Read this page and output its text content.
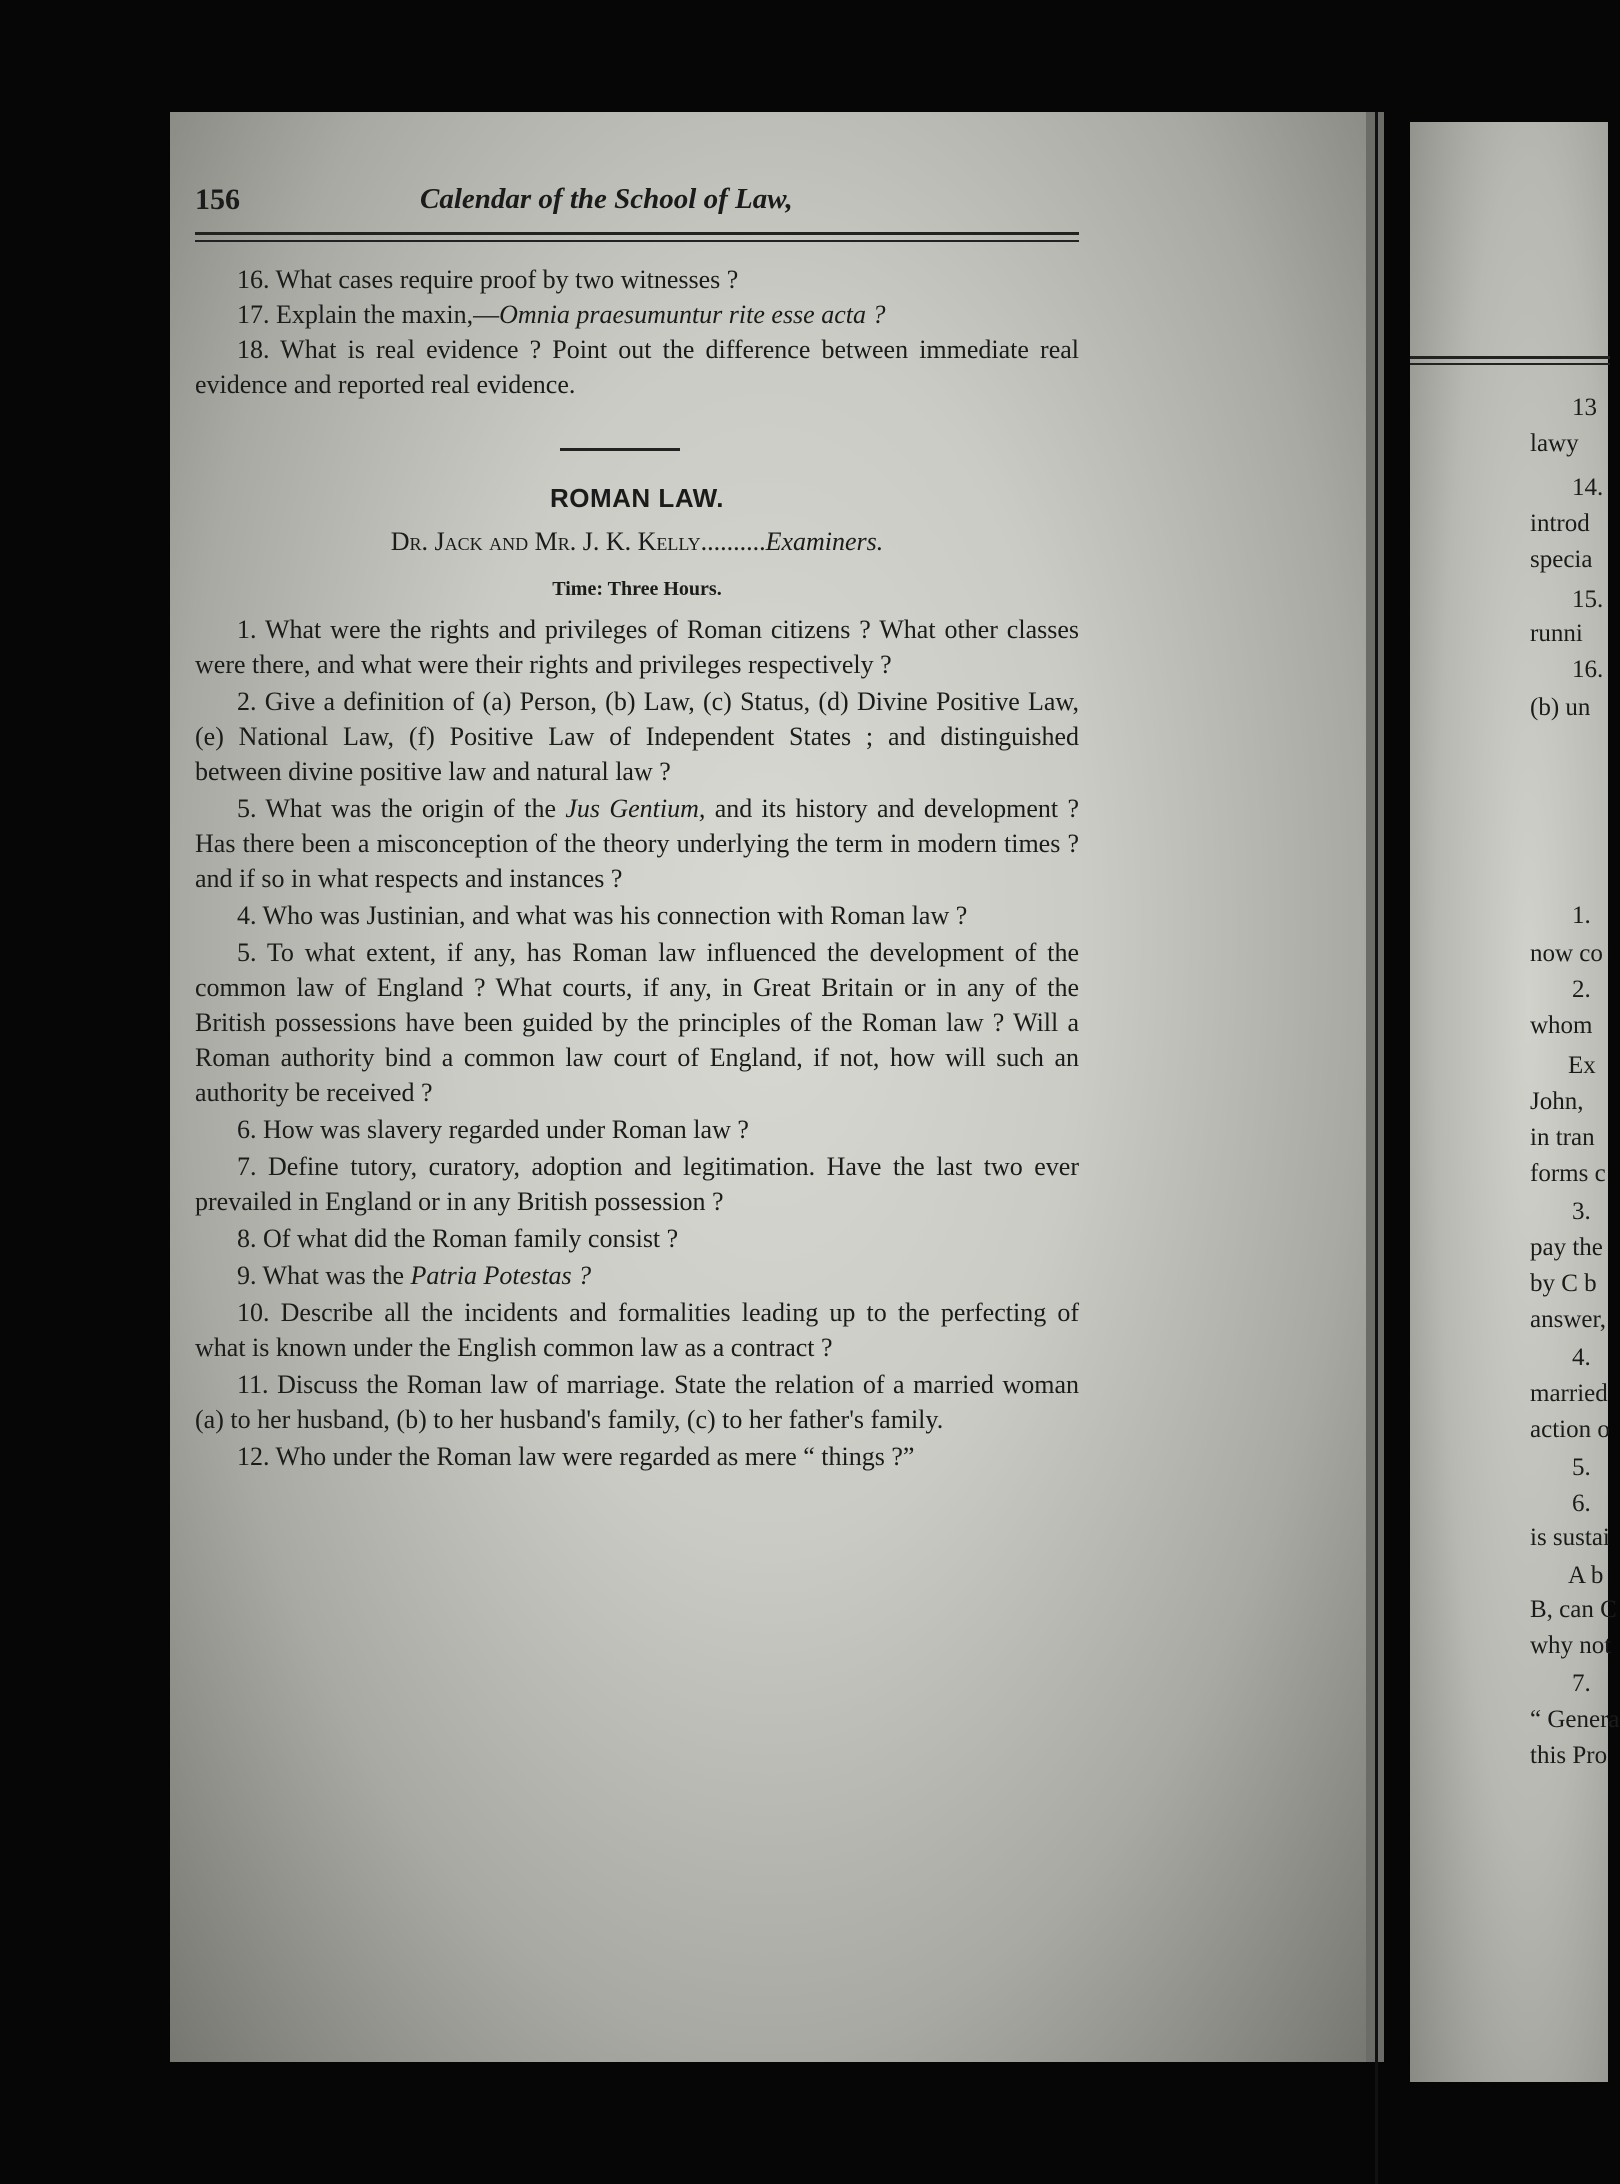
156	Calendar of the School of Law,

16. What cases require proof by two witnesses ?

17. Explain the maxin,—Omnia praesumuntur rite esse acta ?

18. What is real evidence ? Point out the difference between immediate real evidence and reported real evidence.

ROMAN LAW.
Dr. Jack and Mr. J. K. Kelly..........Examiners.
Time: Three Hours.

1. What were the rights and privileges of Roman citizens ? What other classes were there, and what were their rights and privileges respectively ?

2. Give a definition of (a) Person, (b) Law, (c) Status, (d) Divine Positive Law, (e) National Law, (f) Positive Law of Independent States ; and distinguished between divine positive law and natural law ?

5. What was the origin of the Jus Gentium, and its history and development ? Has there been a misconception of the theory underlying the term in modern times ? and if so in what respects and instances ?

4. Who was Justinian, and what was his connection with Roman law ?

5. To what extent, if any, has Roman law influenced the development of the common law of England ? What courts, if any, in Great Britain or in any of the British possessions have been guided by the principles of the Roman law ? Will a Roman authority bind a common law court of England, if not, how will such an authority be received ?

6. How was slavery regarded under Roman law ?

7. Define tutory, curatory, adoption and legitimation. Have the last two ever prevailed in England or in any British possession ?

8. Of what did the Roman family consist ?

9. What was the Patria Potestas ?

10. Describe all the incidents and formalities leading up to the perfecting of what is known under the English common law as a contract ?

11. Discuss the Roman law of marriage. State the relation of a married woman (a) to her husband, (b) to her husband's family, (c) to her father's family.

12. Who under the Roman law were regarded as mere “ things ?”

13
lawy
14.
introd
specia
15.
runni
16.
(b) un
1.
now co
2.
whom
Ex
John,
in tran
forms c
3.
pay the
by C b
answer,
4.
married
action o
5.
6.
is sustai
A b
B, can C
why not
7.
“ Genera
this Pro
